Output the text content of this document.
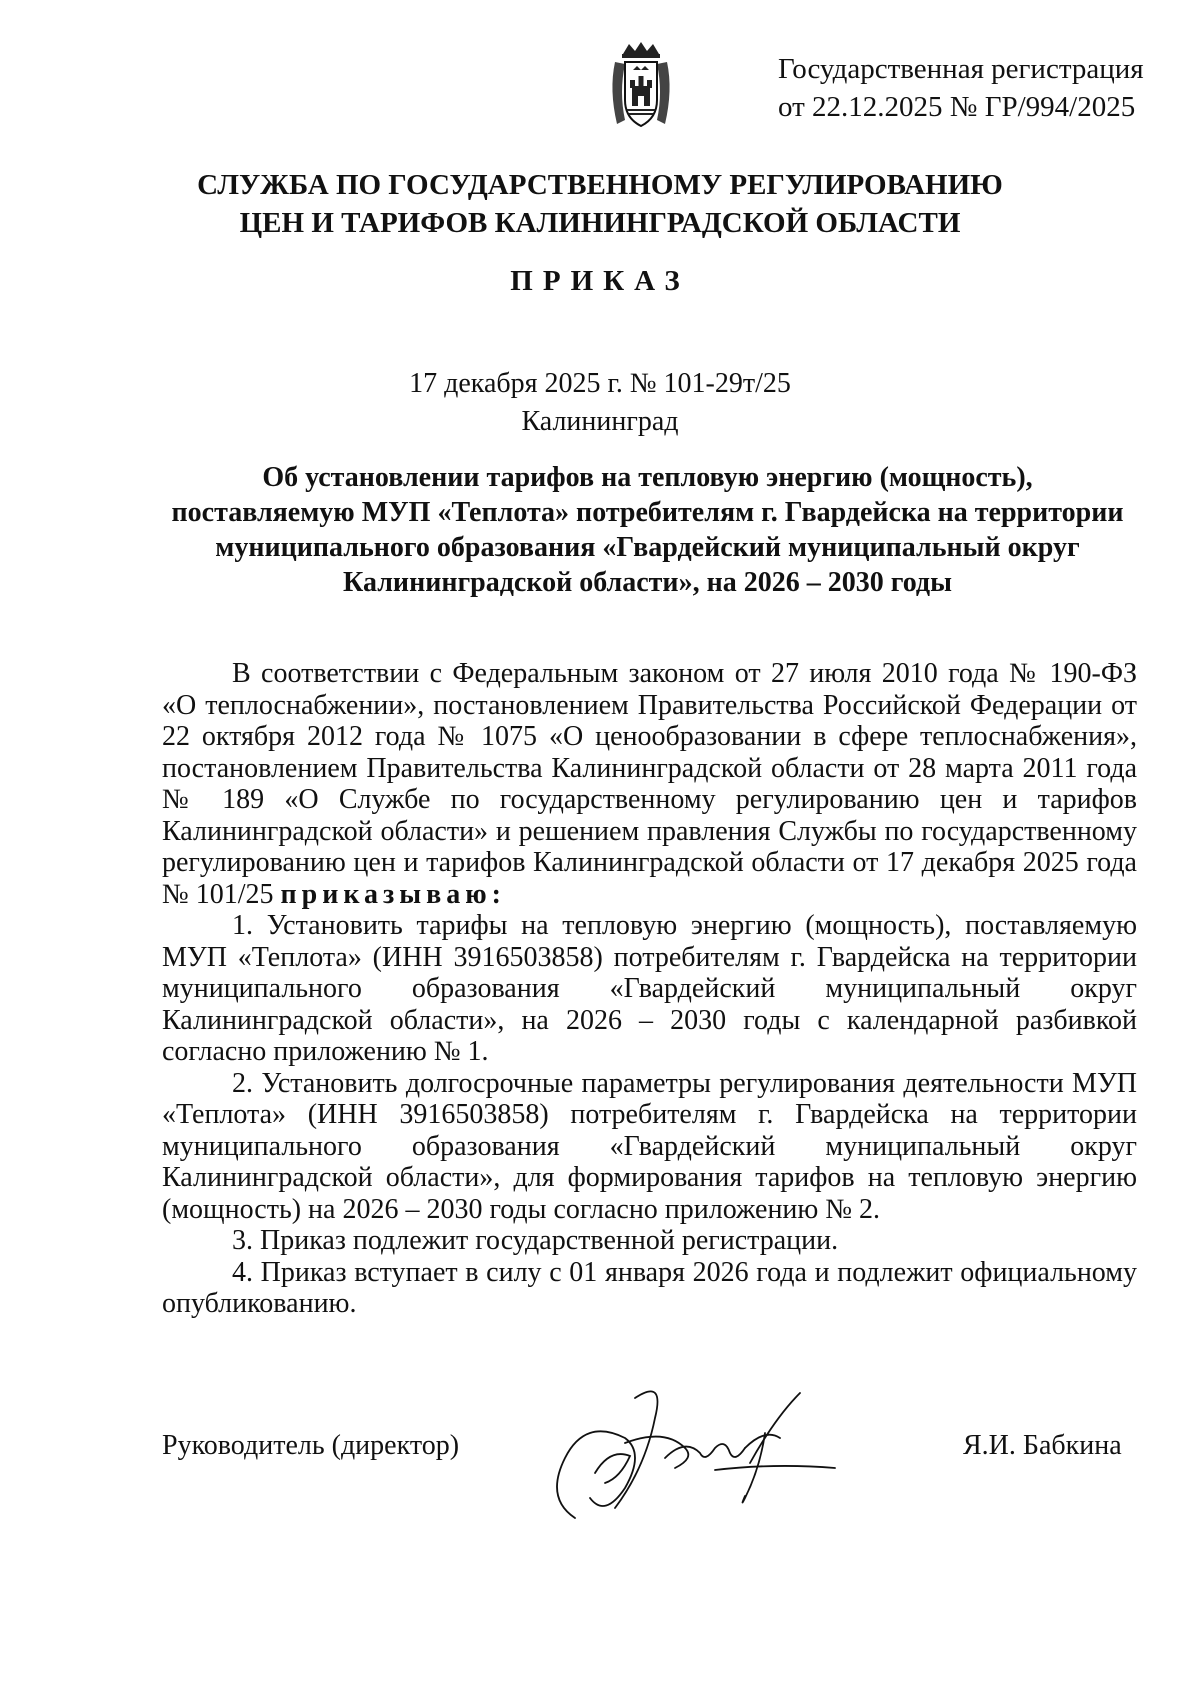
Государственная регистрация
от 22.12.2025 № ГР/994/2025
СЛУЖБА ПО ГОСУДАРСТВЕННОМУ РЕГУЛИРОВАНИЮ
ЦЕН И ТАРИФОВ КАЛИНИНГРАДСКОЙ ОБЛАСТИ
ПРИКАЗ
17 декабря 2025 г. № 101-29т/25
Калининград
Об установлении тарифов на тепловую энергию (мощность),
поставляемую МУП «Теплота» потребителям г. Гвардейска на территории
муниципального образования «Гвардейский муниципальный округ
Калининградской области», на 2026 – 2030 годы

В соответствии с Федеральным законом от 27 июля 2010 года № 190-ФЗ «О теплоснабжении», постановлением Правительства Российской Федерации от 22 октября 2012 года № 1075 «О ценообразовании в сфере теплоснабжения», постановлением Правительства Калининградской области от 28 марта 2011 года № 189 «О Службе по государственному регулированию цен и тарифов Калининградской области» и решением правления Службы по государственному регулированию цен и тарифов Калининградской области от 17 декабря 2025 года № 101/25 приказываю:

1. Установить тарифы на тепловую энергию (мощность), поставляемую МУП «Теплота» (ИНН 3916503858) потребителям г. Гвардейска на территории муниципального образования «Гвардейский муниципальный округ Калининградской области», на 2026 – 2030 годы с календарной разбивкой согласно приложению № 1.

2. Установить долгосрочные параметры регулирования деятельности МУП «Теплота» (ИНН 3916503858) потребителям г. Гвардейска на территории муниципального образования «Гвардейский муниципальный округ Калининградской области», для формирования тарифов на тепловую энергию (мощность) на 2026 – 2030 годы согласно приложению № 2.

3. Приказ подлежит государственной регистрации.

4. Приказ вступает в силу с 01 января 2026 года и подлежит официальному опубликованию.

Руководитель (директор)	Я.И. Бабкина
